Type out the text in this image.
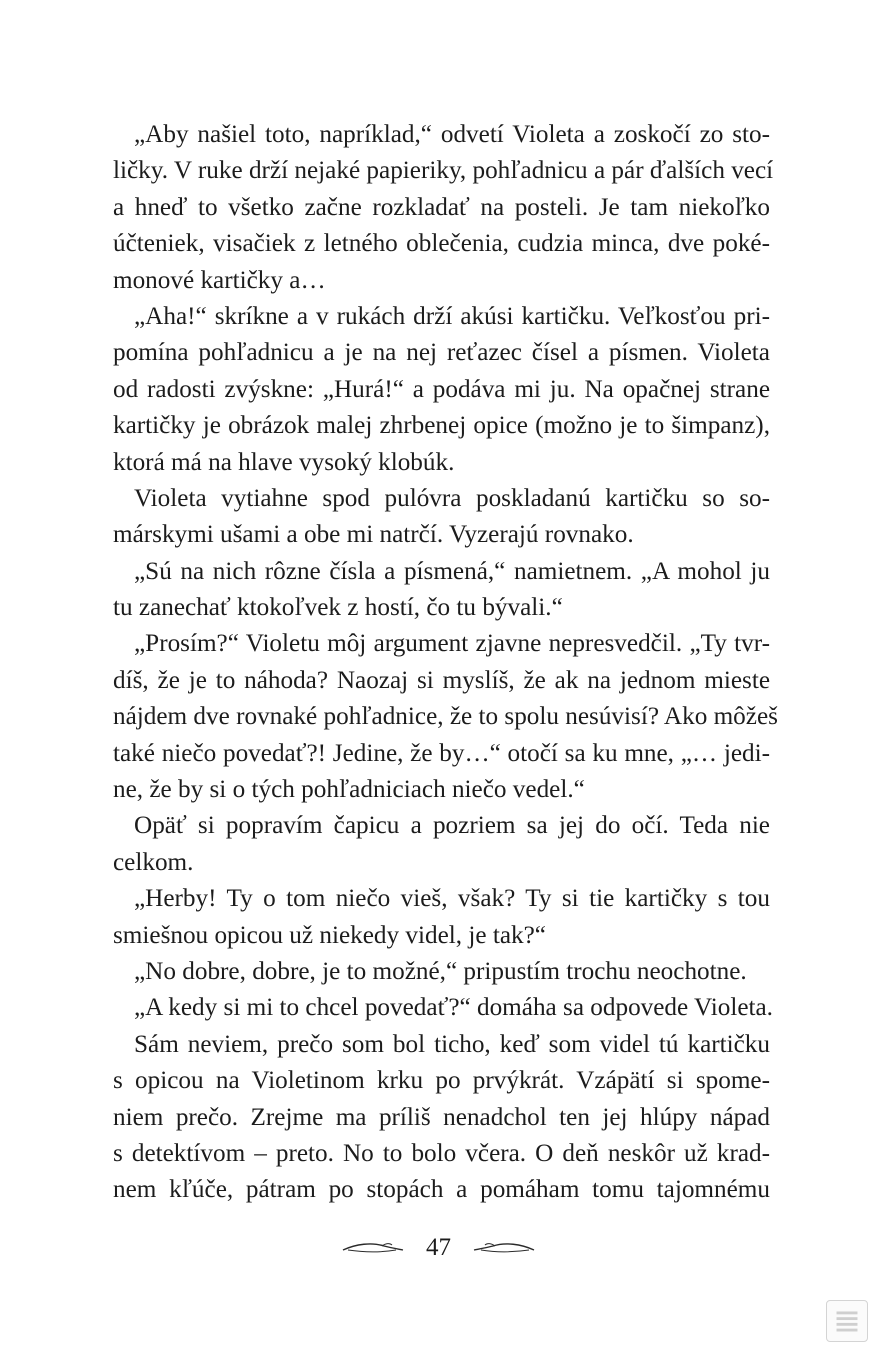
„Aby našiel toto, napríklad,“ odvetí Violeta a zoskočí zo sto-
ličky. V ruke drží nejaké papieriky, pohľadnicu a pár ďalších vecí
a hneď to všetko začne rozkladať na posteli. Je tam niekoľko
účteniek, visačiek z letného oblečenia, cudzia minca, dve poké-
monové kartičky a…
„Aha!“ skríkne a v rukách drží akúsi kartičku. Veľkosťou pri-
pomína pohľadnicu a je na nej reťazec čísel a písmen. Violeta
od radosti zvýskne: „Hurá!“ a podáva mi ju. Na opačnej strane
kartičky je obrázok malej zhrbenej opice (možno je to šimpanz),
ktorá má na hlave vysoký klobúk.
Violeta vytiahne spod pulóvra poskladanú kartičku so so-
márskymi ušami a obe mi natrčí. Vyzerajú rovnako.
„Sú na nich rôzne čísla a písmená,“ namietnem. „A mohol ju
tu zanechať ktokoľvek z hostí, čo tu bývali.“
„Prosím?“ Violetu môj argument zjavne nepresvedčil. „Ty tvr-
díš, že je to náhoda? Naozaj si myslíš, že ak na jednom mieste
nájdem dve rovnaké pohľadnice, že to spolu nesúvisí? Ako môžeš
také niečo povedať?! Jedine, že by…“ otočí sa ku mne, „… jedi-
ne, že by si o tých pohľadniciach niečo vedel.“
Opäť si popravím čapicu a pozriem sa jej do očí. Teda nie
celkom.
„Herby! Ty o tom niečo vieš, však? Ty si tie kartičky s tou
smiešnou opicou už niekedy videl, je tak?“
„No dobre, dobre, je to možné,“ pripustím trochu neochotne.
„A kedy si mi to chcel povedať?“ domáha sa odpovede Violeta.
Sám neviem, prečo som bol ticho, keď som videl tú kartičku
s opicou na Violetinom krku po prvýkrát. Vzápätí si spome-
niem prečo. Zrejme ma príliš nenadchol ten jej hlúpy nápad
s detektívom – preto. No to bolo včera. O deň neskôr už krad-
nem kľúče, pátram po stopách a pomáham tomu tajomnému
47
